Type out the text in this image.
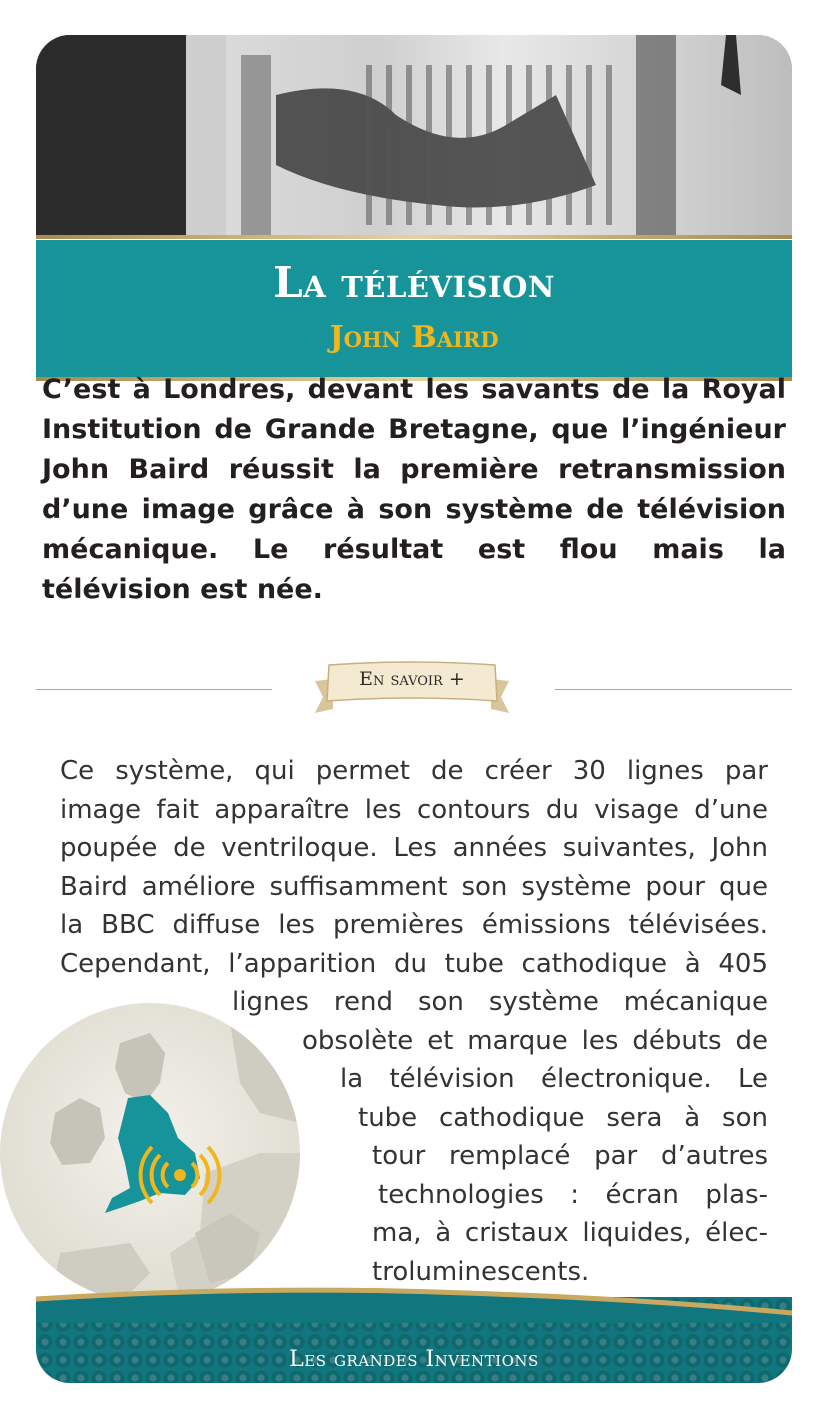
La télévision
John Baird
C’est à Londres, devant les savants de la Royal Institution de Grande Bretagne, que l’ingénieur John Baird réussit la première retransmission d’une image grâce à son système de télévision mécanique. Le résultat est flou mais la télévision est née.
En savoir +
Ce système, qui permet de créer 30 lignes par
image fait apparaître les contours du visage d’une
poupée de ventriloque. Les années suivantes, John
Baird améliore suffisamment son système pour que
la BBC diffuse les premières émissions télévisées.
Cependant, l’apparition du tube cathodique à 405
lignes rend son système mécanique
obsolète et marque les débuts de
la télévision électronique. Le
tube cathodique sera à son
tour remplacé par d’autres
technologies : écran plas-
ma, à cristaux liquides, élec-
troluminescents.
Les grandes Inventions
